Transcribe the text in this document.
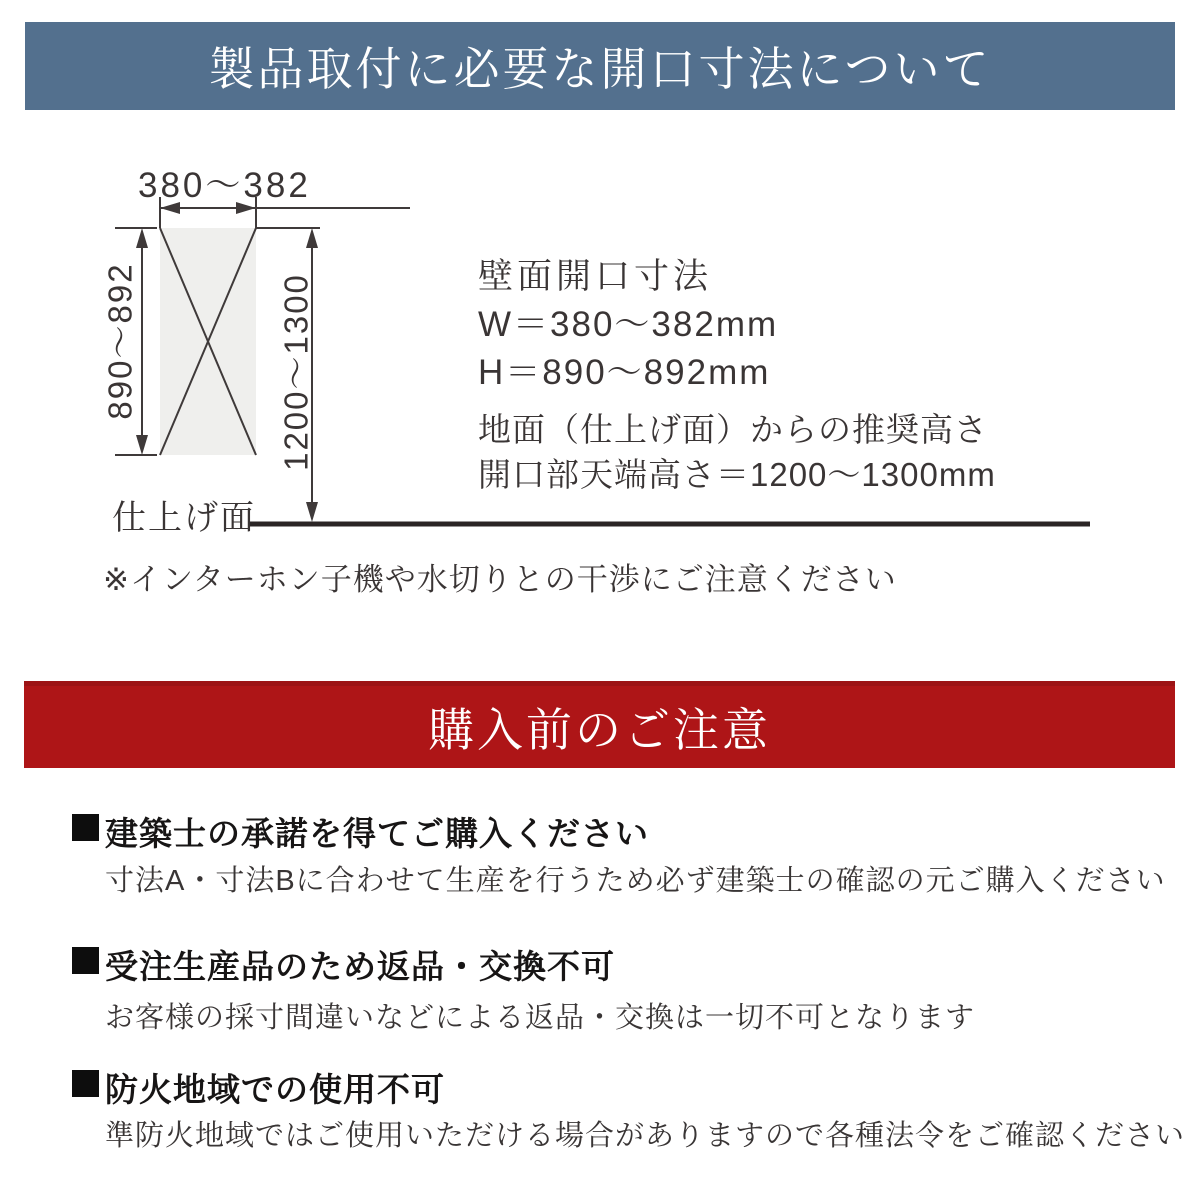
製品取付に必要な開口寸法について
380〜382
890〜892	1200〜1300
仕上げ面
※インターホン子機や水切りとの干渉にご注意ください
壁面開口寸法
W＝380〜382mm
H＝890〜892mm
地面（仕上げ面）からの推奨高さ
開口部天端高さ＝1200〜1300mm
購入前のご注意
建築士の承諾を得てご購入ください
寸法A・寸法Bに合わせて生産を行うため必ず建築士の確認の元ご購入ください
受注生産品のため返品・交換不可
お客様の採寸間違いなどによる返品・交換は一切不可となります
防火地域での使用不可
準防火地域ではご使用いただける場合がありますので各種法令をご確認ください
